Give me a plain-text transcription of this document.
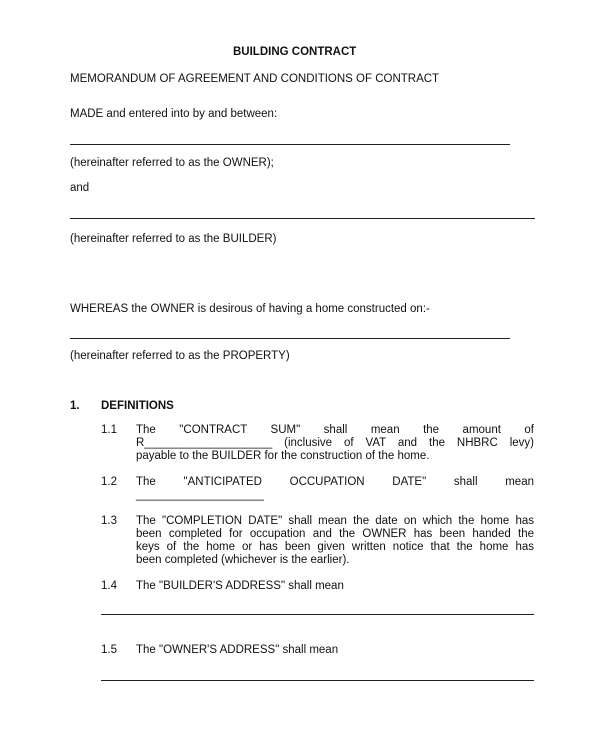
BUILDING CONTRACT
MEMORANDUM OF AGREEMENT AND CONDITIONS OF CONTRACT
MADE and entered into by and between:
(hereinafter referred to as the OWNER);
and
(hereinafter referred to as the BUILDER)
WHEREAS the OWNER is desirous of having a home constructed on:-
(hereinafter referred to as the PROPERTY)
1. DEFINITIONS
1.1 The "CONTRACT SUM" shall mean the amount of
R____________________ (inclusive of VAT and the NHBRC levy)
payable to the BUILDER for the construction of the home.
1.2 The "ANTICIPATED OCCUPATION DATE" shall mean
____________________
1.3 The "COMPLETION DATE" shall mean the date on which the home has
been completed for occupation and the OWNER has been handed the
keys of the home or has been given written notice that the home has
been completed (whichever is the earlier).
1.4 The "BUILDER'S ADDRESS" shall mean
1.5 The "OWNER'S ADDRESS" shall mean
